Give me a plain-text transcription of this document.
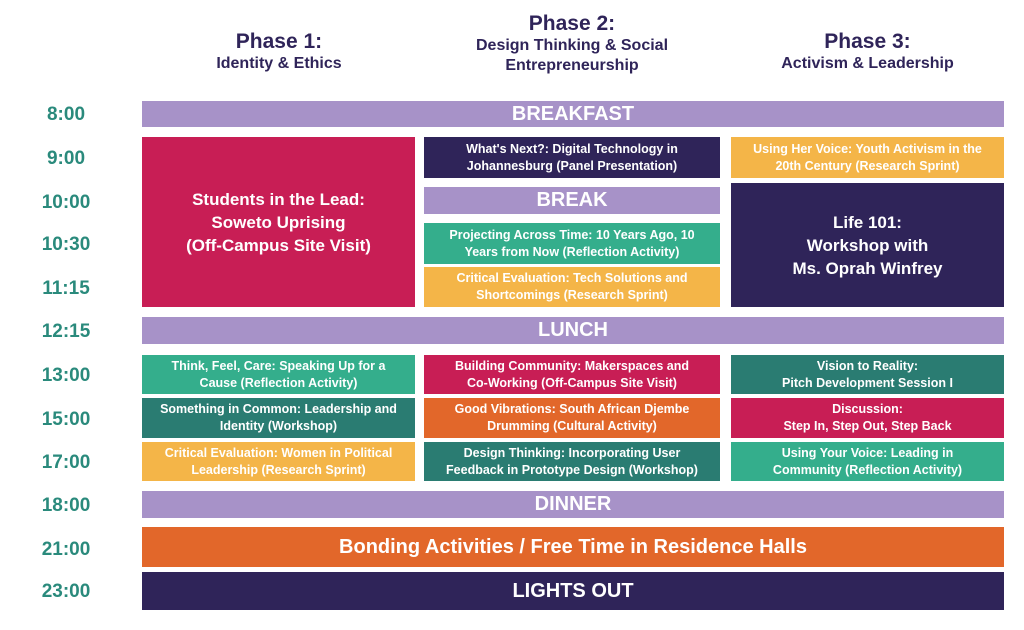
Phase 1:
Identity & Ethics
Phase 2:
Design Thinking & Social
Entrepreneurship
Phase 3:
Activism & Leadership
8:00
9:00
10:00
10:30
11:15
12:15
13:00
15:00
17:00
18:00
21:00
23:00
BREAKFAST
LUNCH
DINNER
Bonding Activities / Free Time in Residence Halls
LIGHTS OUT
Students in the Lead:
Soweto Uprising
(Off-Campus Site Visit)
Think, Feel, Care: Speaking Up for a
Cause (Reflection Activity)
Something in Common: Leadership and
Identity (Workshop)
Critical Evaluation: Women in Political
Leadership (Research Sprint)
What's Next?: Digital Technology in
Johannesburg (Panel Presentation)
BREAK
Projecting Across Time: 10 Years Ago, 10
Years from Now (Reflection Activity)
Critical Evaluation: Tech Solutions and
Shortcomings (Research Sprint)
Building Community: Makerspaces and
Co-Working (Off-Campus Site Visit)
Good Vibrations: South African Djembe
Drumming (Cultural Activity)
Design Thinking: Incorporating User
Feedback in Prototype Design (Workshop)
Using Her Voice: Youth Activism in the
20th Century (Research Sprint)
Life 101:
Workshop with
Ms. Oprah Winfrey
Vision to Reality:
Pitch Development Session I
Discussion:
Step In, Step Out, Step Back
Using Your Voice: Leading in
Community (Reflection Activity)
